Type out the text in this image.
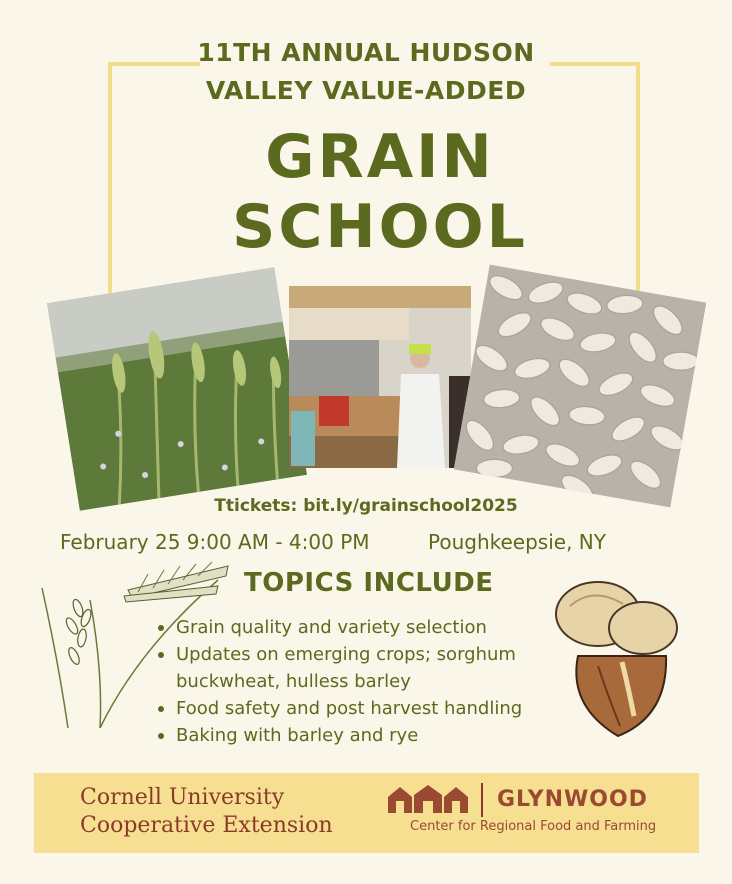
11TH ANNUAL HUDSON
VALLEY VALUE-ADDED
GRAIN
SCHOOL
Ttickets: bit.ly/grainschool2025
February 25 9:00 AM - 4:00 PM	Poughkeepsie, NY
TOPICS INCLUDE
Grain quality and variety selection
Updates on emerging crops; sorghum
buckwheat, hulless barley
Food safety and post harvest handling
Baking with barley and rye
Cornell University
Cooperative Extension
GLYNWOOD
Center for Regional Food and Farming
